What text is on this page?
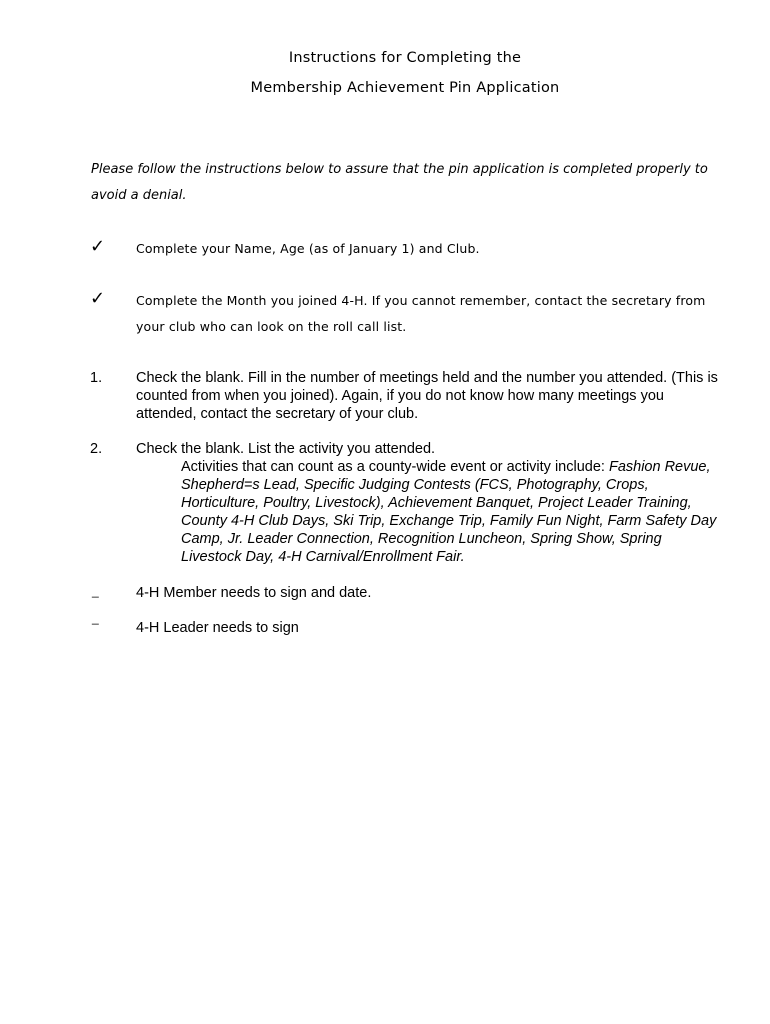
Instructions for Completing the
Membership Achievement Pin Application
Please follow the instructions below to assure that the pin application is completed properly to avoid a denial.
✓ Complete your Name, Age (as of January 1) and Club.
✓ Complete the Month you joined 4-H. If you cannot remember, contact the secretary from your club who can look on the roll call list.
1. Check the blank. Fill in the number of meetings held and the number you attended. (This is counted from when you joined). Again, if you do not know how many meetings you attended, contact the secretary of your club.
2. Check the blank. List the activity you attended.
Activities that can count as a county-wide event or activity include: Fashion Revue, Shepherd=s Lead, Specific Judging Contests (FCS, Photography, Crops, Horticulture, Poultry, Livestock), Achievement Banquet, Project Leader Training, County 4-H Club Days, Ski Trip, Exchange Trip, Family Fun Night, Farm Safety Day Camp, Jr. Leader Connection, Recognition Luncheon, Spring Show, Spring Livestock Day, 4-H Carnival/Enrollment Fair.
_	4-H Member needs to sign and date.
_
4-H Leader needs to sign
